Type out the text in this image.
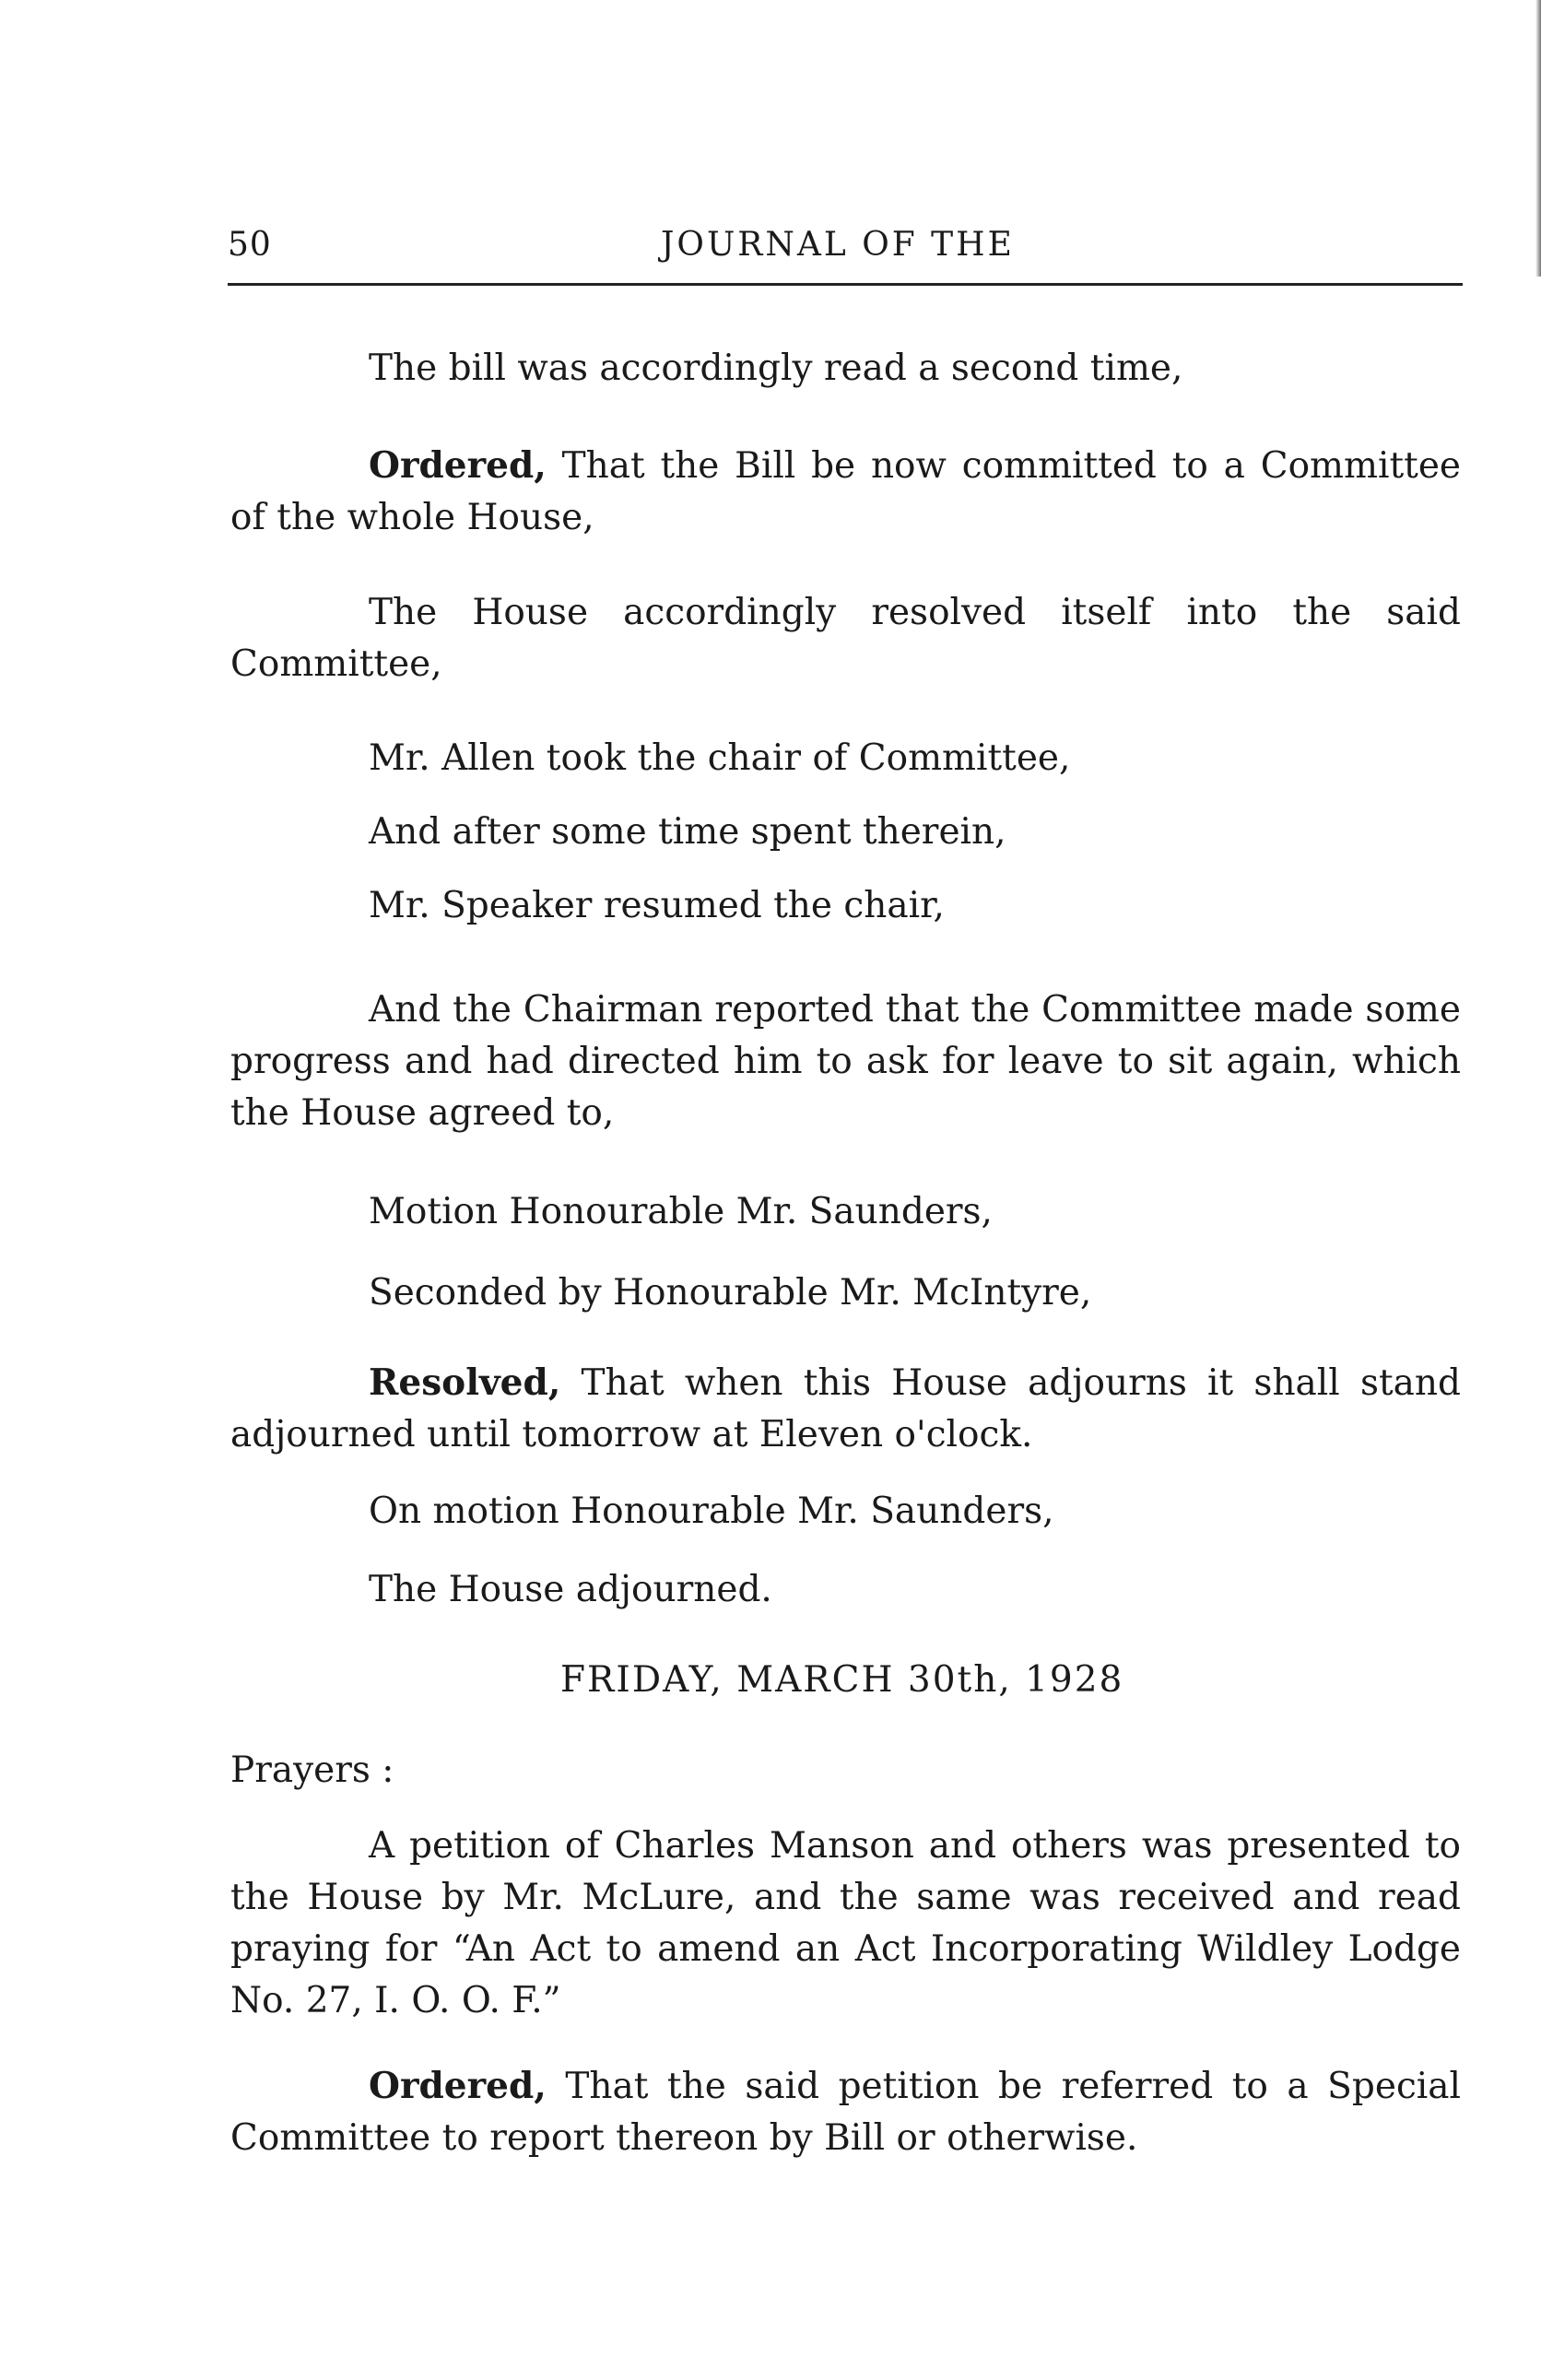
50	JOURNAL OF THE

The bill was accordingly read a second time,

Ordered, That the Bill be now committed to a Committee of the whole House,

The House accordingly resolved itself into the said Committee,

Mr. Allen took the chair of Committee,

And after some time spent therein,

Mr. Speaker resumed the chair,

And the Chairman reported that the Committee made some progress and had directed him to ask for leave to sit again, which the House agreed to,

Motion Honourable Mr. Saunders,

Seconded by Honourable Mr. McIntyre,

Resolved, That when this House adjourns it shall stand adjourned until tomorrow at Eleven o'clock.

On motion Honourable Mr. Saunders,

The House adjourned.

FRIDAY, MARCH 30th, 1928

Prayers :

A petition of Charles Manson and others was presented to the House by Mr. McLure, and the same was received and read praying for “An Act to amend an Act Incorporating Wildley Lodge No. 27, I. O. O. F.”

Ordered, That the said petition be referred to a Special Committee to report thereon by Bill or otherwise.
